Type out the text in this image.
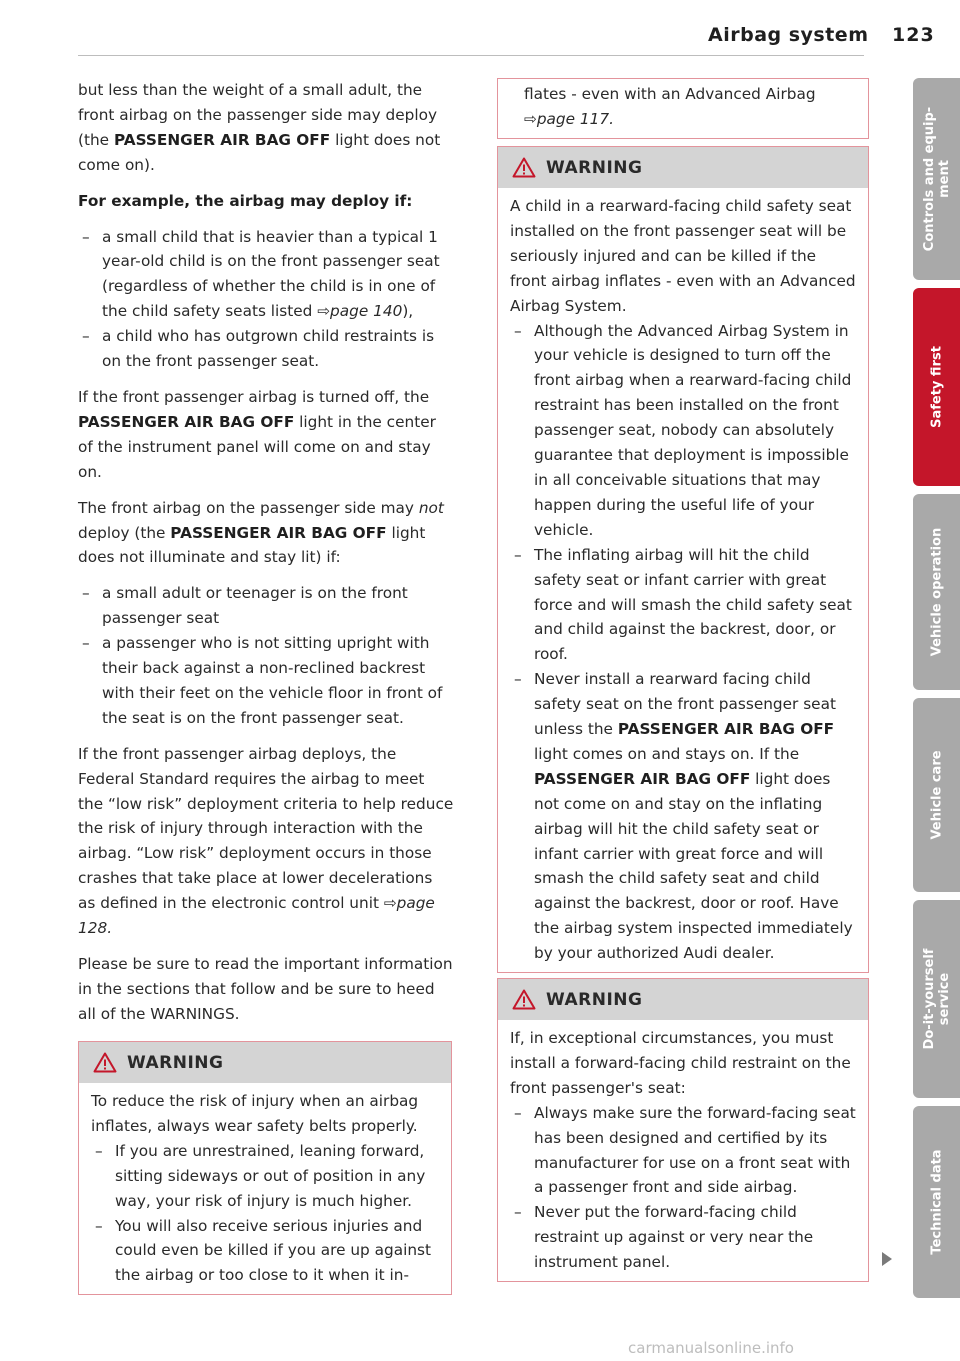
Airbag system 123

but less than the weight of a small adult, the front airbag on the passenger side may deploy (the PASSENGER AIR BAG OFF light does not come on).

For example, the airbag may deploy if:

– a small child that is heavier than a typical 1 year-old child is on the front passenger seat (regardless of whether the child is in one of the child safety seats listed ⇨page 140),
– a child who has outgrown child restraints is on the front passenger seat.

If the front passenger airbag is turned off, the PASSENGER AIR BAG OFF light in the center of the instrument panel will come on and stay on.

The front airbag on the passenger side may not deploy (the PASSENGER AIR BAG OFF light does not illuminate and stay lit) if:

– a small adult or teenager is on the front passenger seat
– a passenger who is not sitting upright with their back against a non-reclined backrest with their feet on the vehicle floor in front of the seat is on the front passenger seat.

If the front passenger airbag deploys, the Federal Standard requires the airbag to meet the “low risk” deployment criteria to help reduce the risk of injury through interaction with the airbag. “Low risk” deployment occurs in those crashes that take place at lower decelerations as defined in the electronic control unit ⇨page 128.

Please be sure to read the important information in the sections that follow and be sure to heed all of the WARNINGS.

WARNING

To reduce the risk of injury when an airbag inflates, always wear safety belts properly.

– If you are unrestrained, leaning forward, sitting sideways or out of position in any way, your risk of injury is much higher.
– You will also receive serious injuries and could even be killed if you are up against the airbag or too close to it when it in-
flates - even with an Advanced Airbag
⇨page 117.
WARNING

A child in a rearward-facing child safety seat installed on the front passenger seat will be seriously injured and can be killed if the front airbag inflates - even with an Advanced Airbag System.

– Although the Advanced Airbag System in your vehicle is designed to turn off the front airbag when a rearward-facing child restraint has been installed on the front passenger seat, nobody can absolutely guarantee that deployment is impossible in all conceivable situations that may happen during the useful life of your vehicle.
– The inflating airbag will hit the child safety seat or infant carrier with great force and will smash the child safety seat and child against the backrest, door, or roof.
– Never install a rearward facing child safety seat on the front passenger seat unless the PASSENGER AIR BAG OFF light comes on and stays on. If the PASSENGER AIR BAG OFF light does not come on and stay on the inflating airbag will hit the child safety seat or infant carrier with great force and will smash the child safety seat and child against the backrest, door or roof. Have the airbag system inspected immediately by your authorized Audi dealer.
WARNING

If, in exceptional circumstances, you must install a forward-facing child restraint on the front passenger's seat:

– Always make sure the forward-facing seat has been designed and certified by its manufacturer for use on a front seat with a passenger front and side airbag.
– Never put the forward-facing child restraint up against or very near the instrument panel.
Controls and equip-
ment
Safety first
Vehicle operation
Vehicle care
Do-it-yourself
service
Technical data
carmanualsonline.info
